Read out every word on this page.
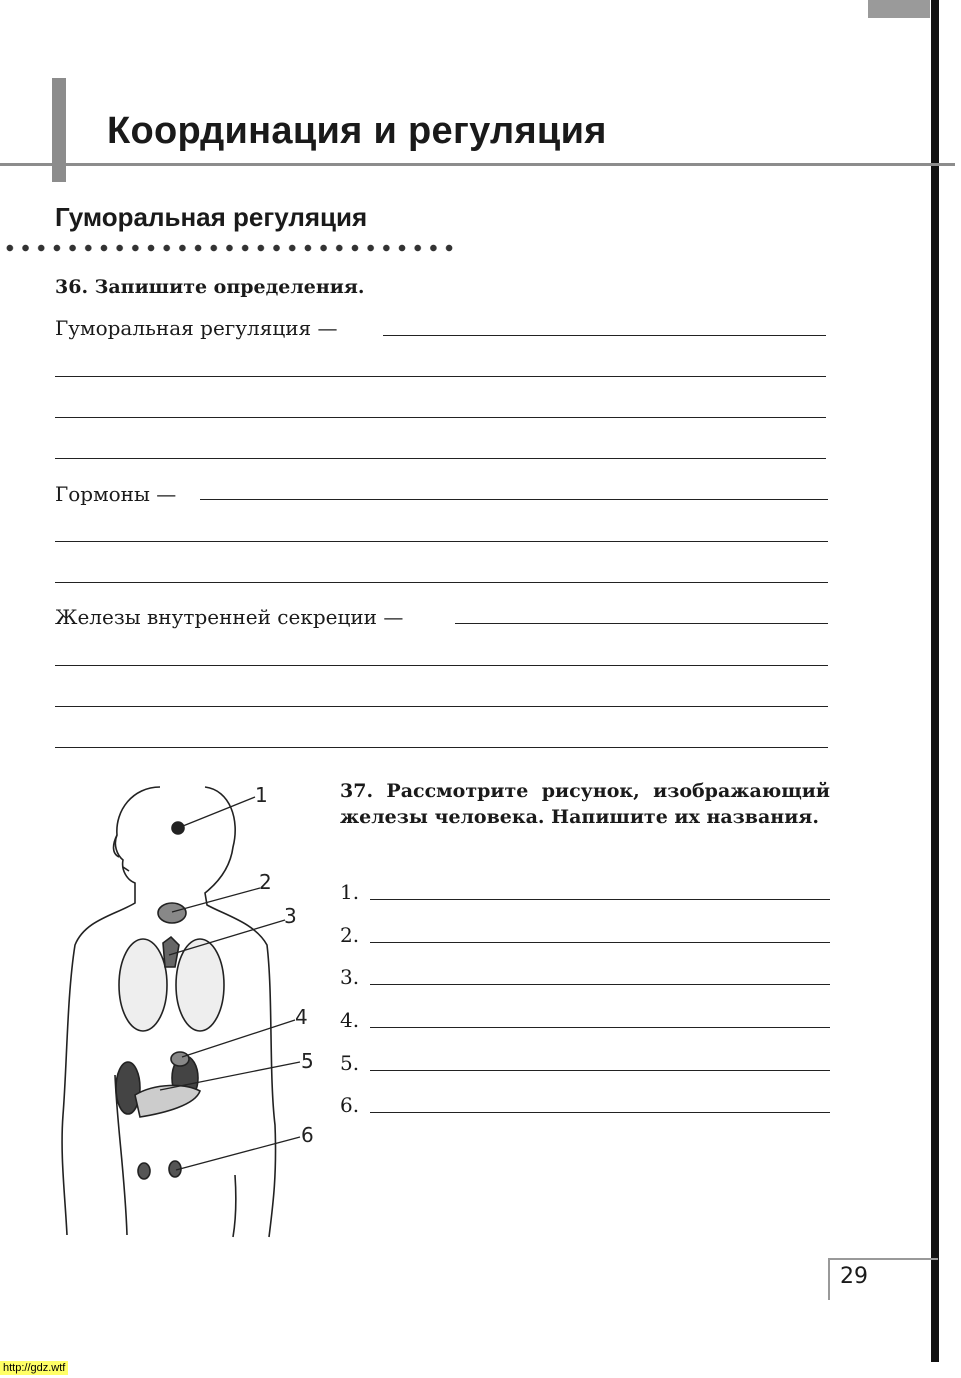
Координация и регуляция
Гуморальная регуляция
36. Запишите определения.
Гуморальная регуляция —
Гормоны —
Железы внутренней секреции —
1
2
3
4
5
6
37. Рассмотрите рисунок, изображающий железы человека. Напишите их названия.
1.
2.
3.
4.
5.
6.
29
http://gdz.wtf
